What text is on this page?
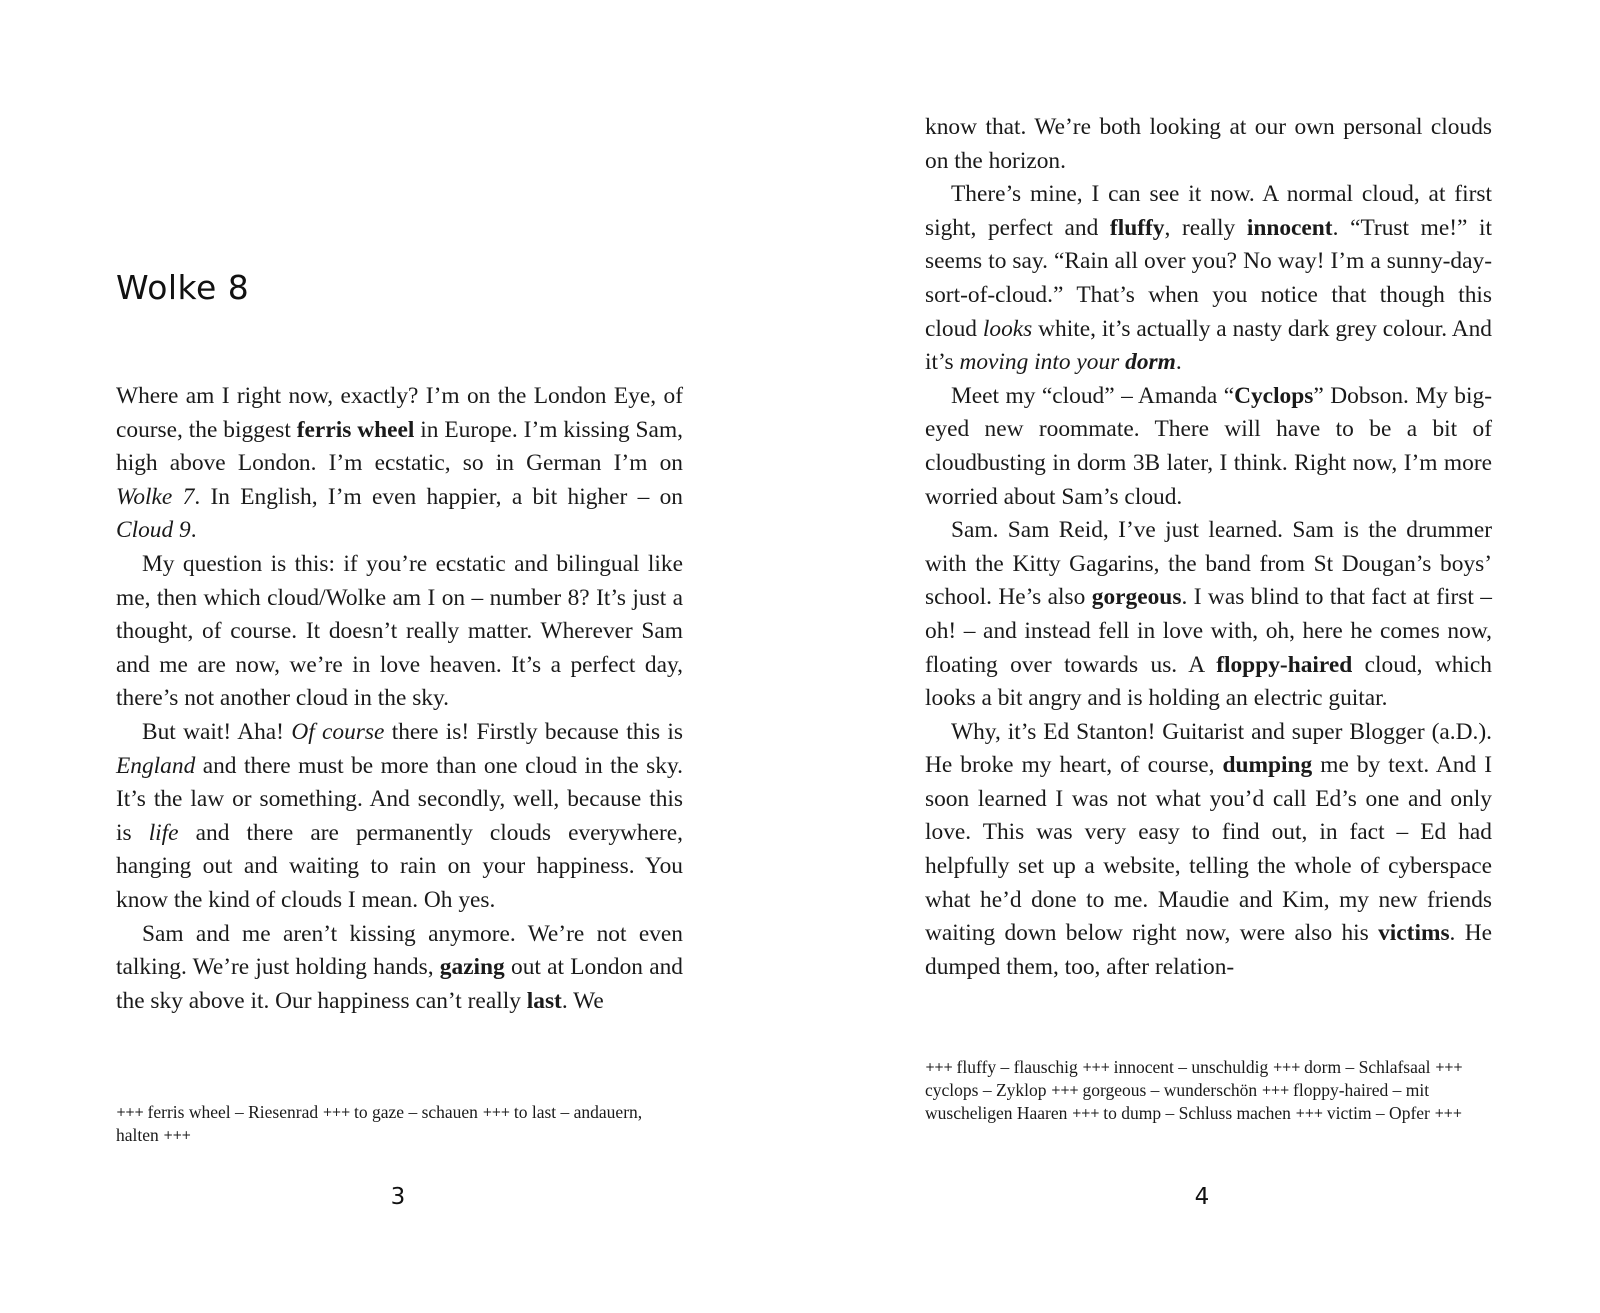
Wolke 8

Where am I right now, exactly? I’m on the London Eye, of course, the biggest ferris wheel in Europe. I’m kissing Sam, high above London. I’m ecstatic, so in German I’m on Wolke 7. In English, I’m even happier, a bit higher – on Cloud 9.

My question is this: if you’re ecstatic and bilingual like me, then which cloud/Wolke am I on – number 8? It’s just a thought, of course. It doesn’t really matter. Wherever Sam and me are now, we’re in love heaven. It’s a perfect day, there’s not another cloud in the sky.

But wait! Aha! Of course there is! Firstly because this is England and there must be more than one cloud in the sky. It’s the law or something. And secondly, well, because this is life and there are permanently clouds everywhere, hanging out and waiting to rain on your happiness. You know the kind of clouds I mean. Oh yes.

Sam and me aren’t kissing anymore. We’re not even talking. We’re just holding hands, gazing out at London and the sky above it. Our happiness can’t really last. We

+++ ferris wheel – Riesenrad +++ to gaze – schauen +++ to last – andauern, halten +++
3

know that. We’re both looking at our own personal clouds on the horizon.

There’s mine, I can see it now. A normal cloud, at first sight, perfect and fluffy, really innocent. “Trust me!” it seems to say. “Rain all over you? No way! I’m a sunny-day-sort-of-cloud.” That’s when you notice that though this cloud looks white, it’s actually a nasty dark grey colour. And it’s moving into your dorm.

Meet my “cloud” – Amanda “Cyclops” Dobson. My big-eyed new roommate. There will have to be a bit of cloudbusting in dorm 3B later, I think. Right now, I’m more worried about Sam’s cloud.

Sam. Sam Reid, I’ve just learned. Sam is the drummer with the Kitty Gagarins, the band from St Dougan’s boys’ school. He’s also gorgeous. I was blind to that fact at first – oh! – and instead fell in love with, oh, here he comes now, floating over towards us. A floppy-haired cloud, which looks a bit angry and is holding an electric guitar.

Why, it’s Ed Stanton! Guitarist and super Blogger (a.D.). He broke my heart, of course, dumping me by text. And I soon learned I was not what you’d call Ed’s one and only love. This was very easy to find out, in fact – Ed had helpfully set up a website, telling the whole of cyberspace what he’d done to me. Maudie and Kim, my new friends waiting down below right now, were also his victims. He dumped them, too, after relation-

+++ fluffy – flauschig +++ innocent – unschuldig +++ dorm – Schlafsaal +++ cyclops – Zyklop +++ gorgeous – wunderschön +++ floppy-haired – mit wuscheligen Haaren +++ to dump – Schluss machen +++ victim – Opfer +++
4
